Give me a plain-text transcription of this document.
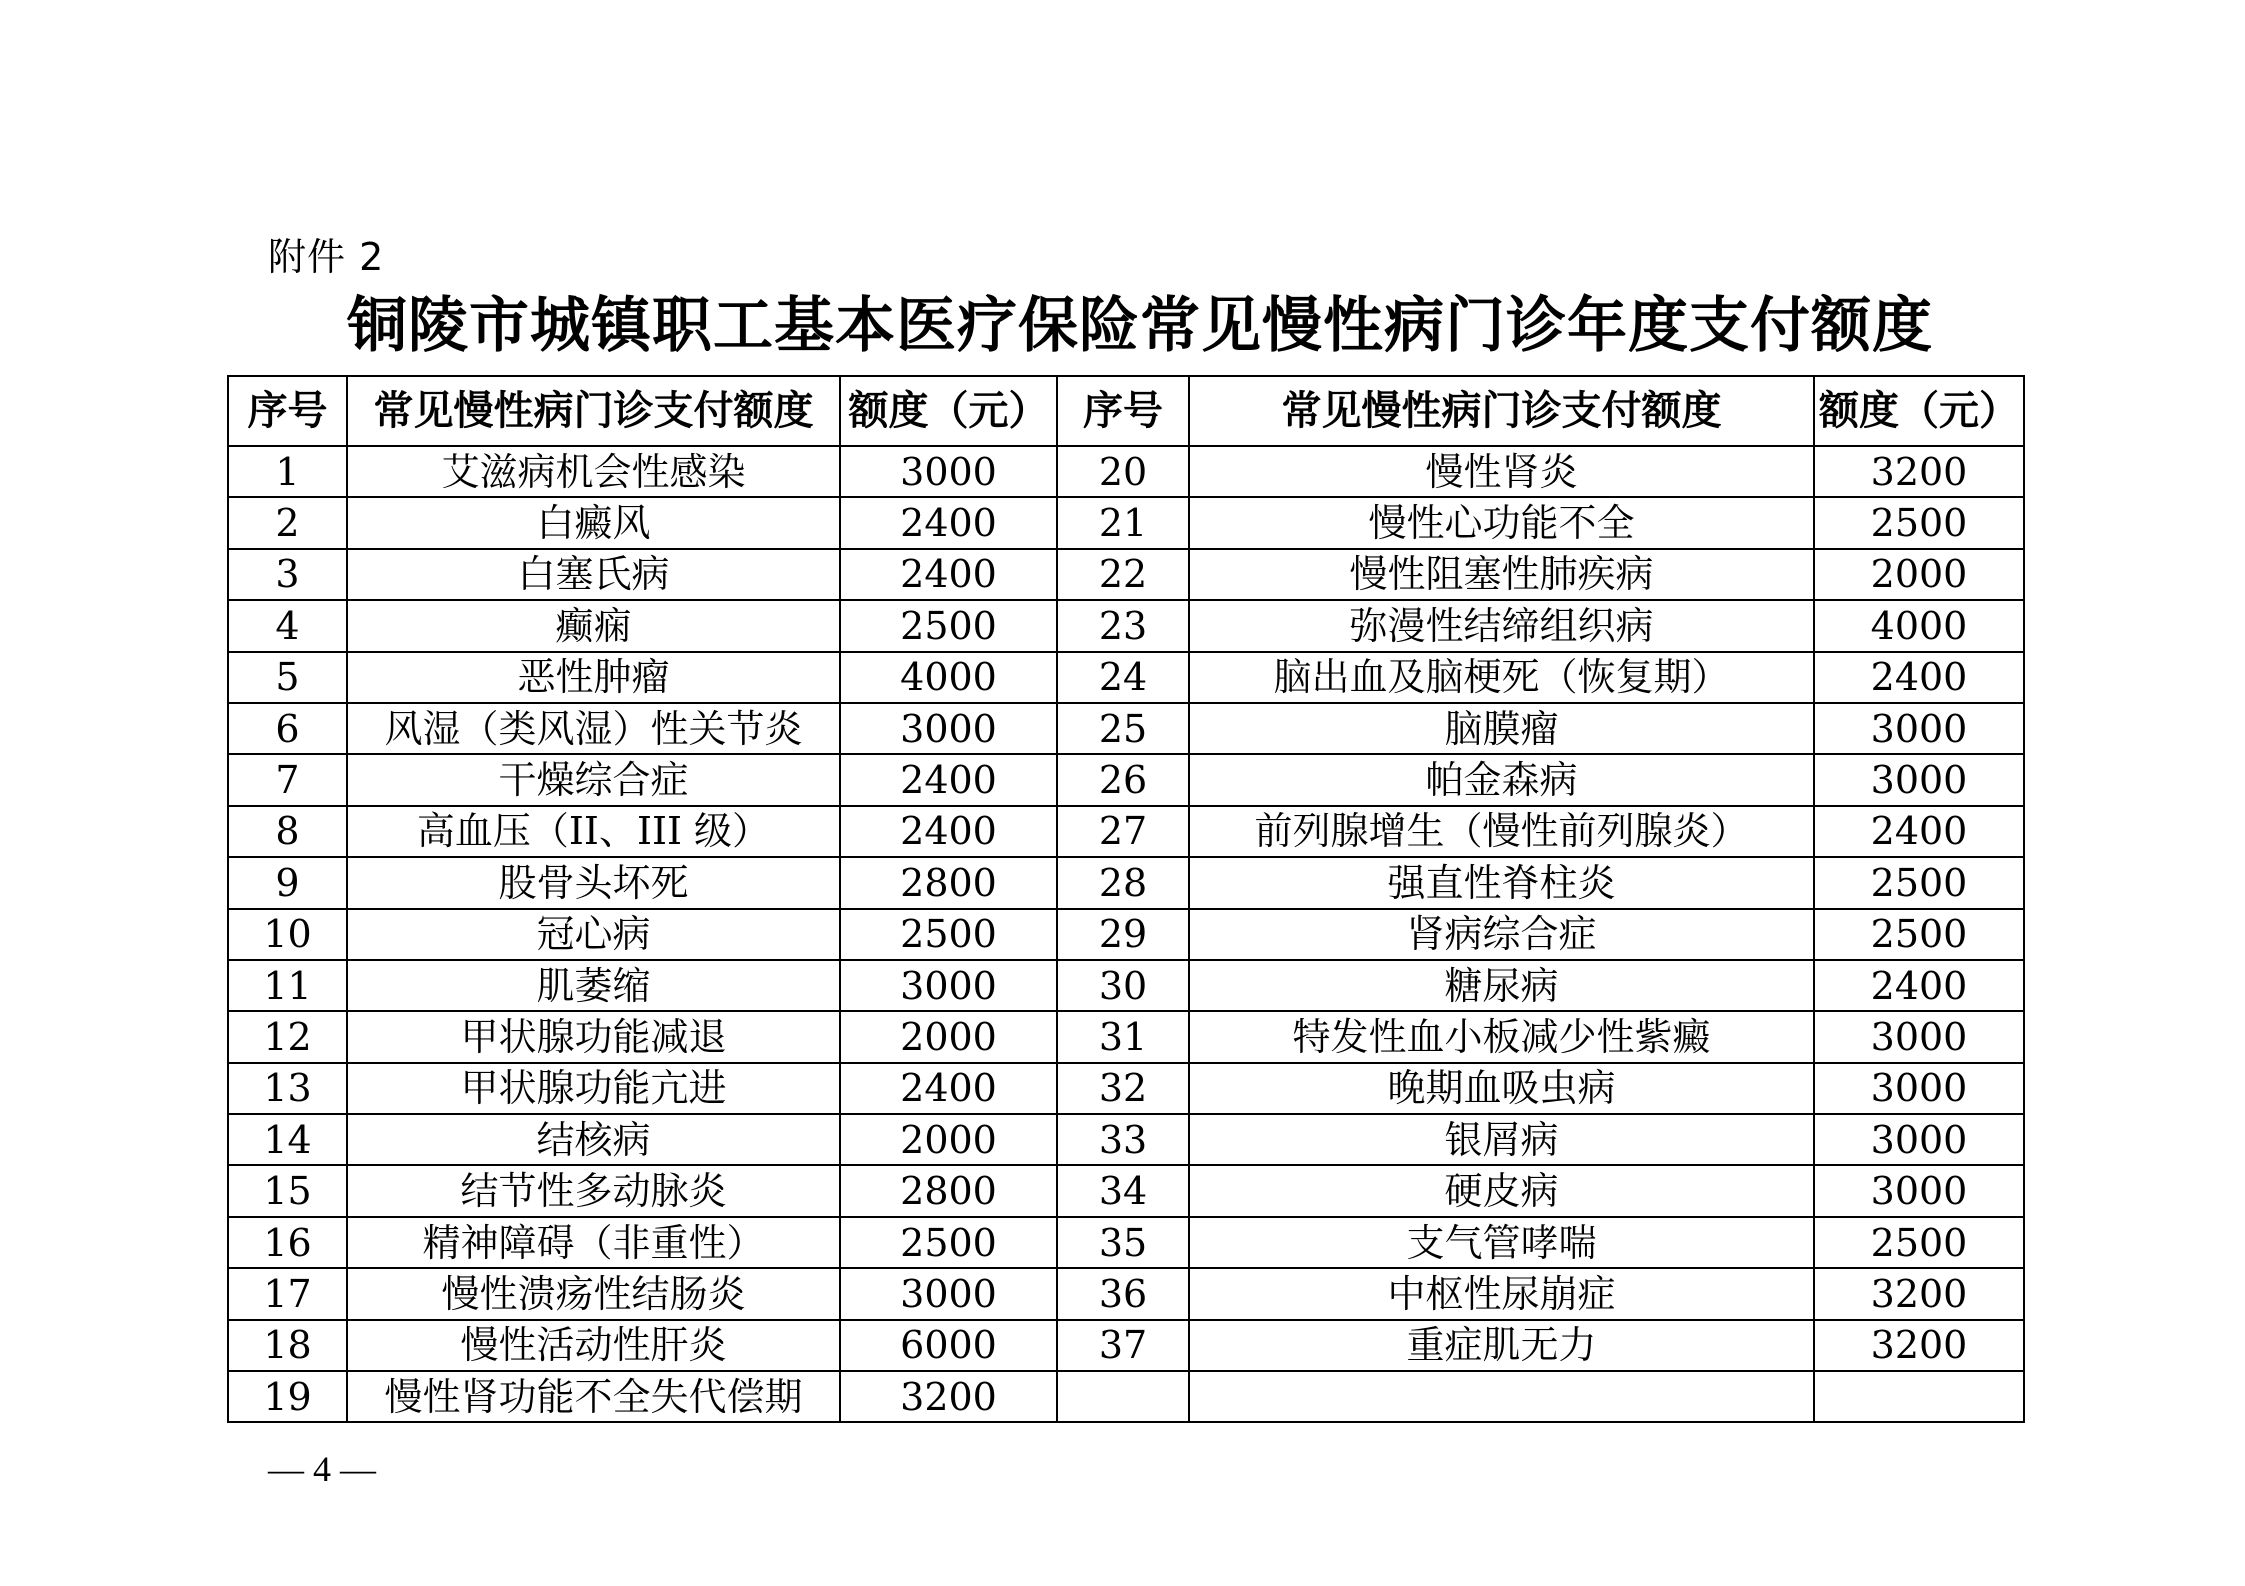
附件 2
铜陵市城镇职工基本医疗保险常见慢性病门诊年度支付额度
序号	常见慢性病门诊支付额度	额度（元）	序号	常见慢性病门诊支付额度	额度（元）
1	艾滋病机会性感染	3000	20	慢性肾炎	3200
2	白癜风	2400	21	慢性心功能不全	2500
3	白塞氏病	2400	22	慢性阻塞性肺疾病	2000
4	癫痫	2500	23	弥漫性结缔组织病	4000
5	恶性肿瘤	4000	24	脑出血及脑梗死（恢复期）	2400
6	风湿（类风湿）性关节炎	3000	25	脑膜瘤	3000
7	干燥综合症	2400	26	帕金森病	3000
8	高血压（II、III 级）	2400	27	前列腺增生（慢性前列腺炎）	2400
9	股骨头坏死	2800	28	强直性脊柱炎	2500
10	冠心病	2500	29	肾病综合症	2500
11	肌萎缩	3000	30	糖尿病	2400
12	甲状腺功能减退	2000	31	特发性血小板减少性紫癜	3000
13	甲状腺功能亢进	2400	32	晚期血吸虫病	3000
14	结核病	2000	33	银屑病	3000
15	结节性多动脉炎	2800	34	硬皮病	3000
16	精神障碍（非重性）	2500	35	支气管哮喘	2500
17	慢性溃疡性结肠炎	3000	36	中枢性尿崩症	3200
18	慢性活动性肝炎	6000	37	重症肌无力	3200
19	慢性肾功能不全失代偿期	3200			
— 4 —
